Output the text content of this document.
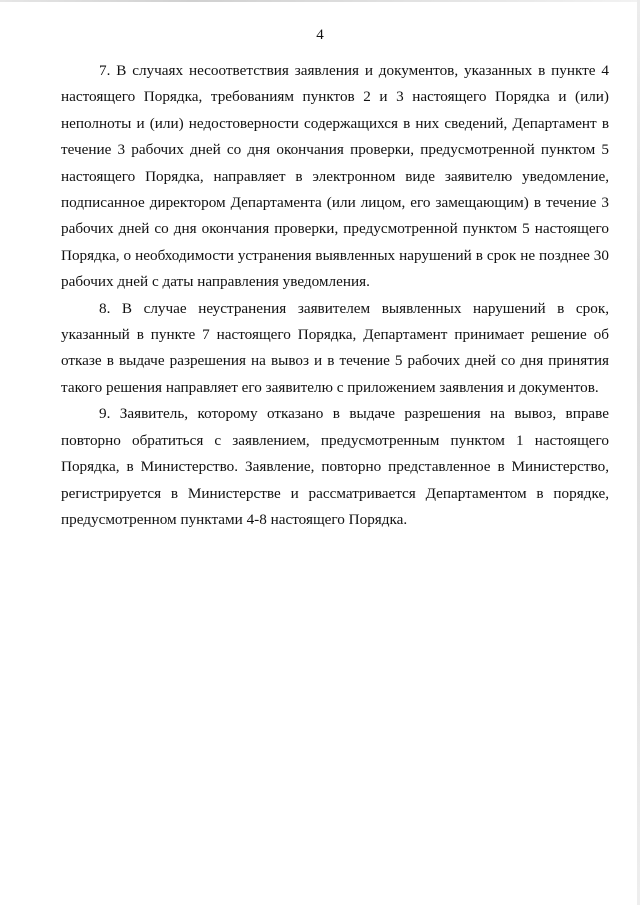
4

7. В случаях несоответствия заявления и документов, указанных в пункте 4 настоящего Порядка, требованиям пунктов 2 и 3 настоящего Порядка и (или) неполноты и (или) недостоверности содержащихся в них сведений, Департамент в течение 3 рабочих дней со дня окончания проверки, предусмотренной пунктом 5 настоящего Порядка, направляет в электронном виде заявителю уведомление, подписанное директором Департамента (или лицом, его замещающим) в течение 3 рабочих дней со дня окончания проверки, предусмотренной пунктом 5 настоящего Порядка, о необходимости устранения выявленных нарушений в срок не позднее 30 рабочих дней с даты направления уведомления.

8. В случае неустранения заявителем выявленных нарушений в срок, указанный в пункте 7 настоящего Порядка, Департамент принимает решение об отказе в выдаче разрешения на вывоз и в течение 5 рабочих дней со дня принятия такого решения направляет его заявителю с приложением заявления и документов.

9. Заявитель, которому отказано в выдаче разрешения на вывоз, вправе повторно обратиться с заявлением, предусмотренным пунктом 1 настоящего Порядка, в Министерство. Заявление, повторно представленное в Министерство, регистрируется в Министерстве и рассматривается Департаментом в порядке, предусмотренном пунктами 4-8 настоящего Порядка.
